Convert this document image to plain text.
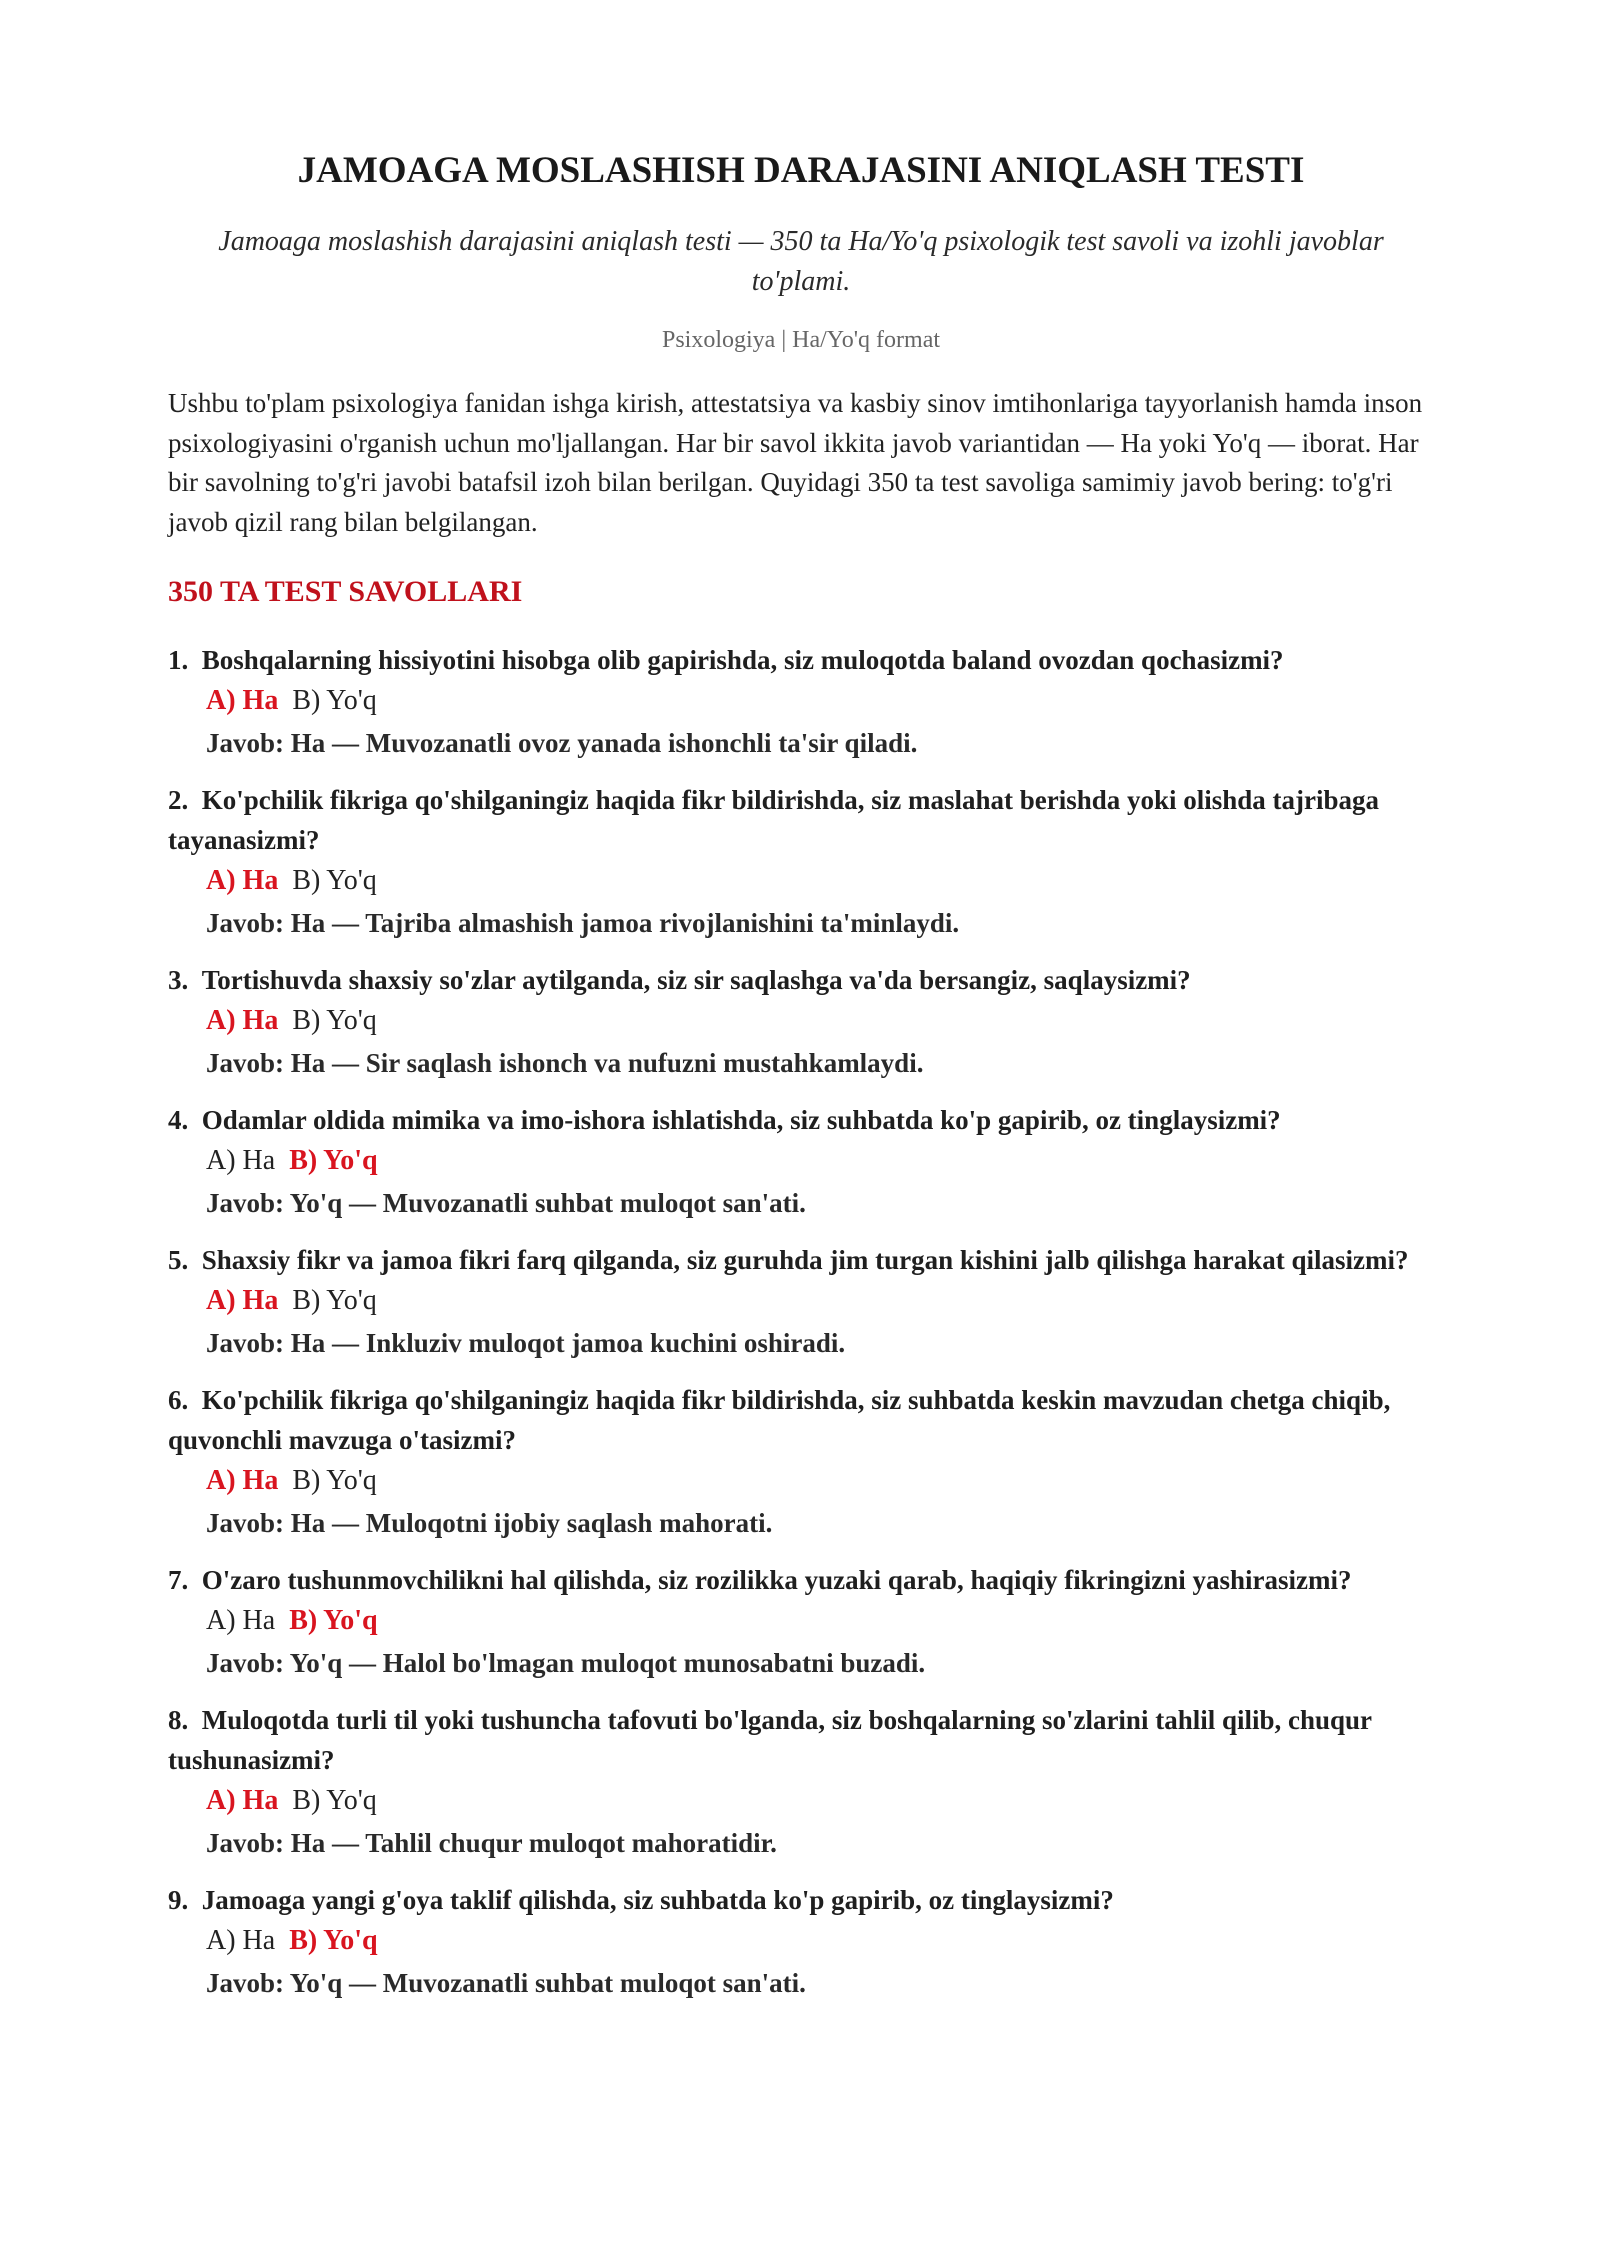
JAMOAGA MOSLASHISH DARAJASINI ANIQLASH TESTI
Jamoaga moslashish darajasini aniqlash testi — 350 ta Ha/Yo'q psixologik test savoli va izohli javoblar to'plami.
Psixologiya | Ha/Yo'q format

Ushbu to'plam psixologiya fanidan ishga kirish, attestatsiya va kasbiy sinov imtihonlariga tayyorlanish hamda inson psixologiyasini o'rganish uchun mo'ljallangan. Har bir savol ikkita javob variantidan — Ha yoki Yo'q — iborat. Har bir savolning to'g'ri javobi batafsil izoh bilan berilgan. Quyidagi 350 ta test savoliga samimiy javob bering: to'g'ri javob qizil rang bilan belgilangan.

350 TA TEST SAVOLLARI
1. Boshqalarning hissiyotini hisobga olib gapirishda, siz muloqotda baland ovozdan qochasizmi?
A) Ha B) Yo'q
Javob: Ha — Muvozanatli ovoz yanada ishonchli ta'sir qiladi.
2. Ko'pchilik fikriga qo'shilganingiz haqida fikr bildirishda, siz maslahat berishda yoki olishda tajribaga tayanasizmi?
A) Ha B) Yo'q
Javob: Ha — Tajriba almashish jamoa rivojlanishini ta'minlaydi.
3. Tortishuvda shaxsiy so'zlar aytilganda, siz sir saqlashga va'da bersangiz, saqlaysizmi?
A) Ha B) Yo'q
Javob: Ha — Sir saqlash ishonch va nufuzni mustahkamlaydi.
4. Odamlar oldida mimika va imo-ishora ishlatishda, siz suhbatda ko'p gapirib, oz tinglaysizmi?
A) Ha B) Yo'q
Javob: Yo'q — Muvozanatli suhbat muloqot san'ati.
5. Shaxsiy fikr va jamoa fikri farq qilganda, siz guruhda jim turgan kishini jalb qilishga harakat qilasizmi?
A) Ha B) Yo'q
Javob: Ha — Inkluziv muloqot jamoa kuchini oshiradi.
6. Ko'pchilik fikriga qo'shilganingiz haqida fikr bildirishda, siz suhbatda keskin mavzudan chetga chiqib, quvonchli mavzuga o'tasizmi?
A) Ha B) Yo'q
Javob: Ha — Muloqotni ijobiy saqlash mahorati.
7. O'zaro tushunmovchilikni hal qilishda, siz rozilikka yuzaki qarab, haqiqiy fikringizni yashirasizmi?
A) Ha B) Yo'q
Javob: Yo'q — Halol bo'lmagan muloqot munosabatni buzadi.
8. Muloqotda turli til yoki tushuncha tafovuti bo'lganda, siz boshqalarning so'zlarini tahlil qilib, chuqur tushunasizmi?
A) Ha B) Yo'q
Javob: Ha — Tahlil chuqur muloqot mahoratidir.
9. Jamoaga yangi g'oya taklif qilishda, siz suhbatda ko'p gapirib, oz tinglaysizmi?
A) Ha B) Yo'q
Javob: Yo'q — Muvozanatli suhbat muloqot san'ati.
